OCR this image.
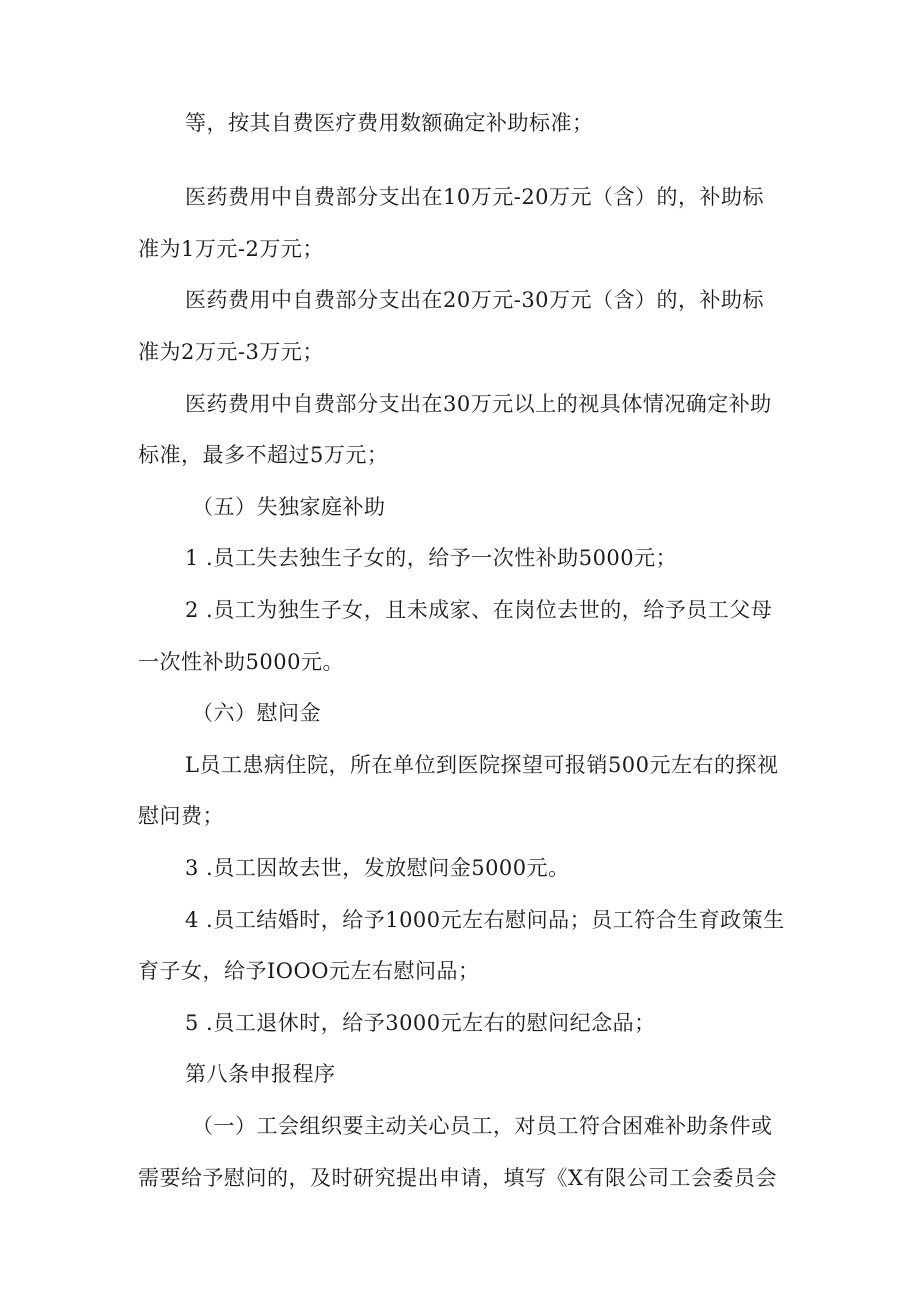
等，按其自费医疗费用数额确定补助标准；
医药费用中自费部分支出在10万元-20万元（含）的，补助标
准为1万元-2万元；
医药费用中自费部分支出在20万元-30万元（含）的，补助标
准为2万元-3万元；
医药费用中自费部分支出在30万元以上的视具体情况确定补助
标准，最多不超过5万元；
（五）失独家庭补助
1 .员工失去独生子女的，给予一次性补助5000元；
2 .员工为独生子女，且未成家、在岗位去世的，给予员工父母
一次性补助5000元。
（六）慰问金
L员工患病住院，所在单位到医院探望可报销500元左右的探视
慰问费；
3 .员工因故去世，发放慰问金5000元。
4 .员工结婚时，给予1000元左右慰问品；员工符合生育政策生
育子女，给予IOOO元左右慰问品；
5 .员工退休时，给予3000元左右的慰问纪念品；
第八条申报程序
（一）工会组织要主动关心员工，对员工符合困难补助条件或
需要给予慰问的，及时研究提出申请，填写《X有限公司工会委员会
